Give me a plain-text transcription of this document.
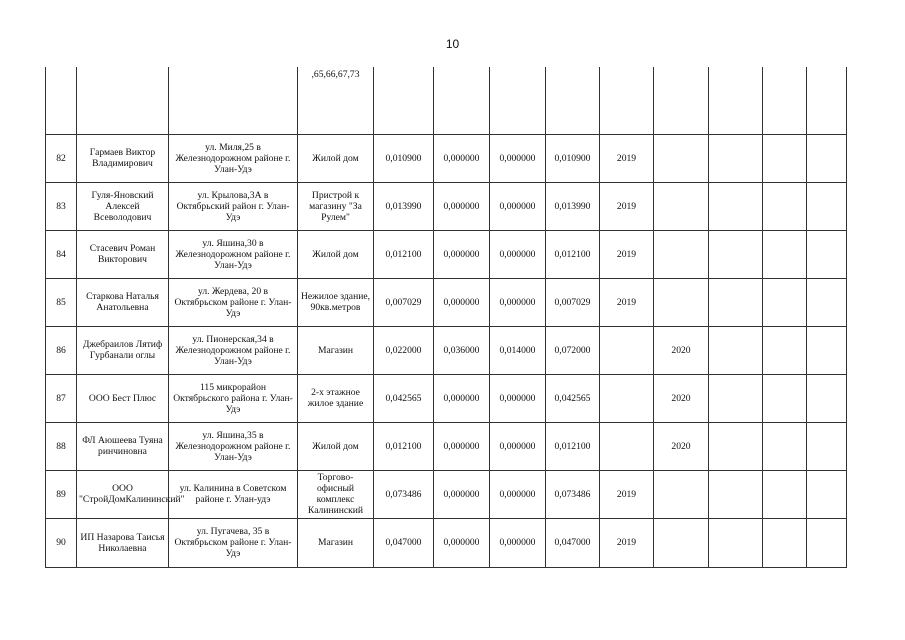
10
			,65,66,67,73									
82	Гармаев Виктор Владимирович	ул. Миля,25 в Железнодорожном районе г. Улан-Удэ	Жилой дом	0,010900	0,000000	0,000000	0,010900	2019				
83	Гуля-Яновский Алексей Всеволодович	ул. Крылова,3А в Октябрьский район г. Улан-Удэ	Пристрой к магазину "За Рулем"	0,013990	0,000000	0,000000	0,013990	2019				
84	Стасевич Роман Викторович	ул. Яшина,30 в Железнодорожном районе г. Улан-Удэ	Жилой дом	0,012100	0,000000	0,000000	0,012100	2019				
85	Старкова Наталья Анатольевна	ул. Жердева, 20 в Октябрьском районе г. Улан-Удэ	Нежилое здание, 90кв.метров	0,007029	0,000000	0,000000	0,007029	2019				
86	Джебраилов Лятиф Гурбанали оглы	ул. Пионерская,34 в Железнодорожном районе г. Улан-Удэ	Магазин	0,022000	0,036000	0,014000	0,072000		2020			
87	ООО Бест Плюс	115 микрорайон Октябрьского района г. Улан-Удэ	2-х этажное жилое здание	0,042565	0,000000	0,000000	0,042565		2020			
88	ФЛ Аюшеева Туяна ринчиновна	ул. Яшина,35 в Железнодорожном районе г. Улан-Удэ	Жилой дом	0,012100	0,000000	0,000000	0,012100		2020			
89	ООО "СтройДомКалининский"	ул. Калинина в Советском районе г. Улан-удэ	Торгово-офисный комплекс Калининский	0,073486	0,000000	0,000000	0,073486	2019				
90	ИП Назарова Таисья Николаевна	ул. Пугачева, 35 в Октябрьском районе г. Улан-Удэ	Магазин	0,047000	0,000000	0,000000	0,047000	2019				
